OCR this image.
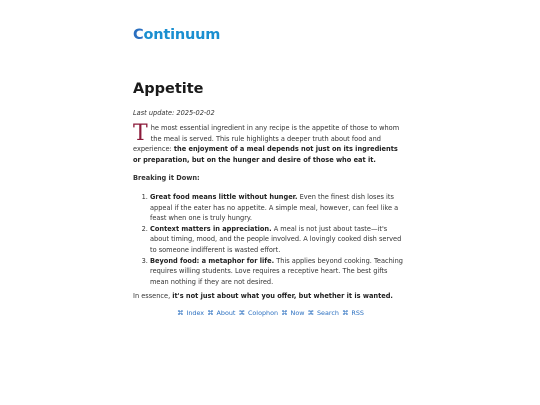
Continuum
Appetite
Last update: 2025-02-02

The most essential ingredient in any recipe is the appetite of those to whom the meal is served. This rule highlights a deeper truth about food and experience: the enjoyment of a meal depends not just on its ingredients or preparation, but on the hunger and desire of those who eat it.

Breaking it Down:

1. Great food means little without hunger. Even the finest dish loses its appeal if the eater has no appetite. A simple meal, however, can feel like a feast when one is truly hungry.
2. Context matters in appreciation. A meal is not just about taste—it's about timing, mood, and the people involved. A lovingly cooked dish served to someone indifferent is wasted effort.
3. Beyond food: a metaphor for life. This applies beyond cooking. Teaching requires willing students. Love requires a receptive heart. The best gifts mean nothing if they are not desired.

In essence, it's not just about what you offer, but whether it is wanted.

⌘ Index ⌘ About ⌘ Colophon ⌘ Now ⌘ Search ⌘ RSS
